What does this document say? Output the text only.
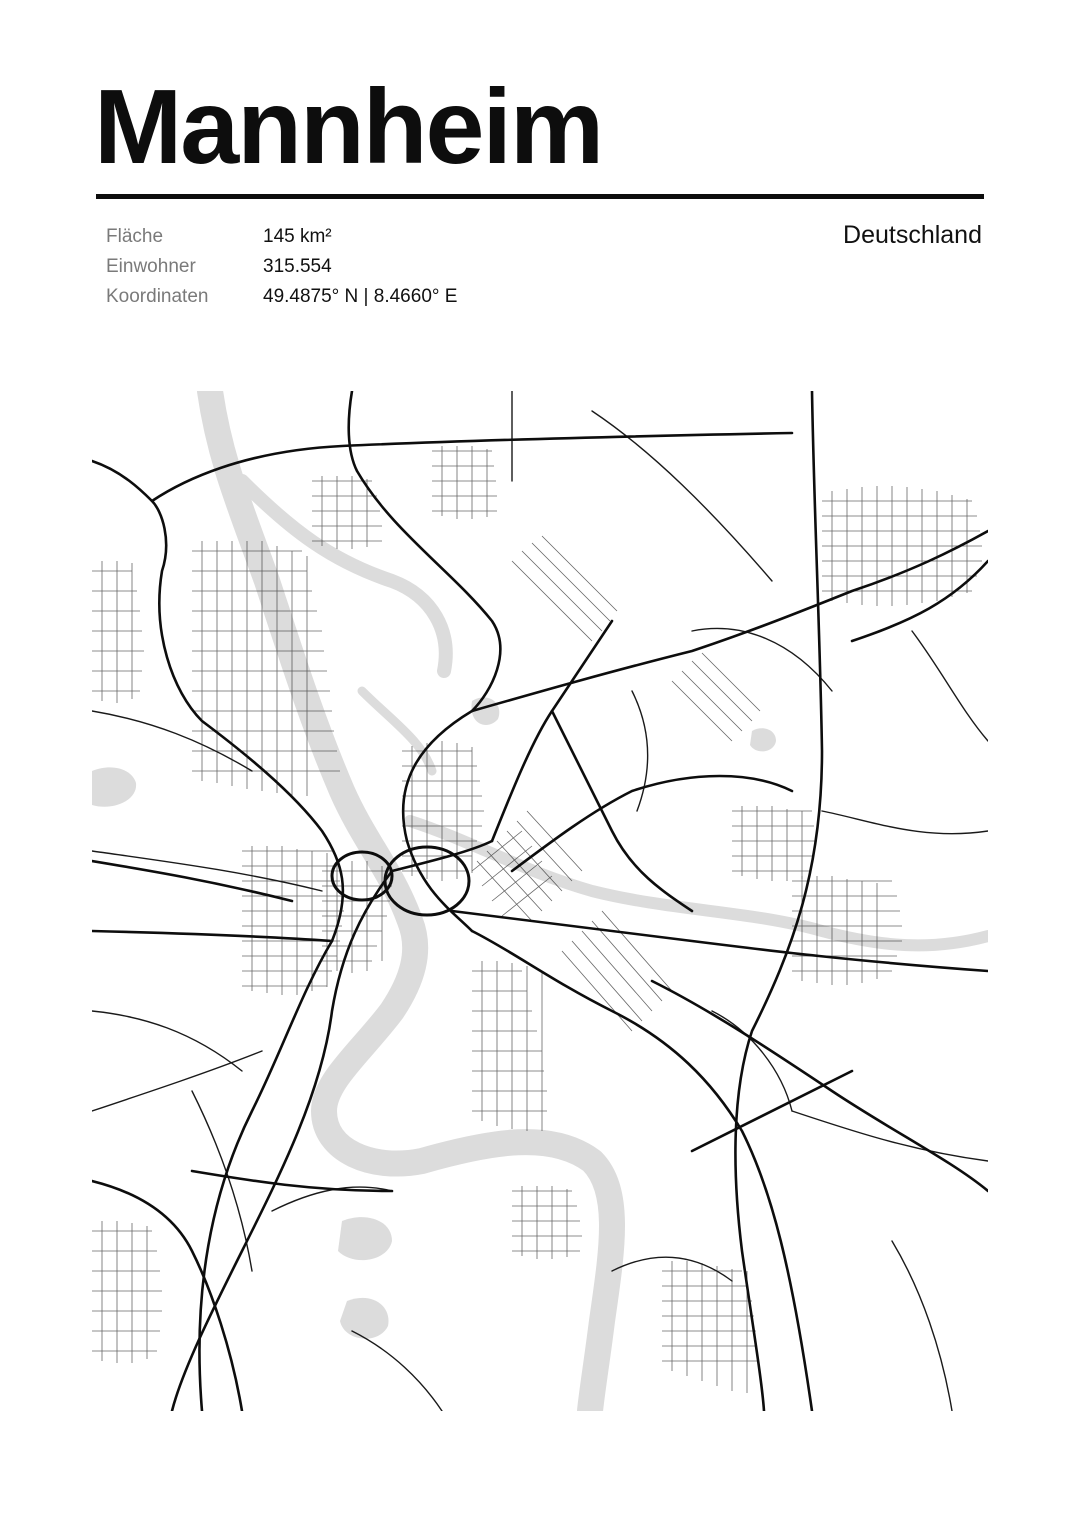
Mannheim
Fläche	145 km²
Einwohner	315.554
Koordinaten	49.4875° N | 8.4660° E
Deutschland
